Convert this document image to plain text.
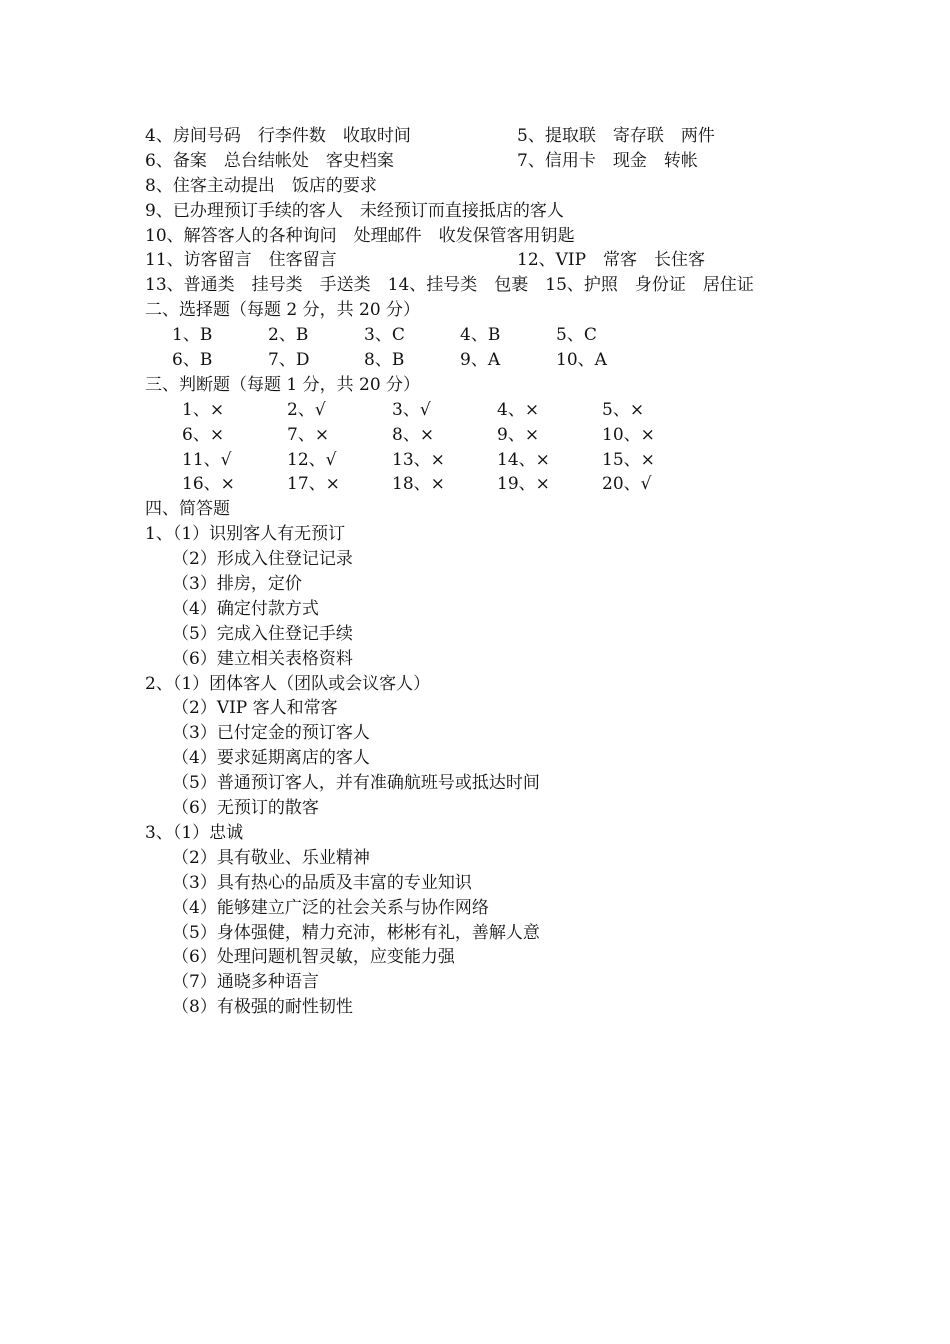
4、房间号码　行李件数　收取时间	5、提取联　寄存联　两件
6、备案　总台结帐处　客史档案	7、信用卡　现金　转帐
8、住客主动提出　饭店的要求
9、已办理预订手续的客人　未经预订而直接抵店的客人
10、解答客人的各种询问　处理邮件　收发保管客用钥匙
11、访客留言　住客留言	12、VIP　常客　长住客
13、普通类　挂号类　手送类　14、挂号类　包裹　15、护照　身份证　居住证
二、选择题（每题 2 分，共 20 分）
1、B	2、B	3、C	4、B	5、C
6、B	7、D	8、B	9、A	10、A
三、判断题（每题 1 分，共 20 分）
1、×	2、√	3、√	4、×	5、×
6、×	7、×	8、×	9、×	10、×
11、√	12、√	13、×	14、×	15、×
16、×	17、×	18、×	19、×	20、√
四、简答题
1、（1）识别客人有无预订
（2）形成入住登记记录
（3）排房，定价
（4）确定付款方式
（5）完成入住登记手续
（6）建立相关表格资料
2、（1）团体客人（团队或会议客人）
（2）VIP 客人和常客
（3）已付定金的预订客人
（4）要求延期离店的客人
（5）普通预订客人，并有准确航班号或抵达时间
（6）无预订的散客
3、（1）忠诚
（2）具有敬业、乐业精神
（3）具有热心的品质及丰富的专业知识
（4）能够建立广泛的社会关系与协作网络
（5）身体强健，精力充沛，彬彬有礼，善解人意
（6）处理问题机智灵敏，应变能力强
（7）通晓多种语言
（8）有极强的耐性韧性
